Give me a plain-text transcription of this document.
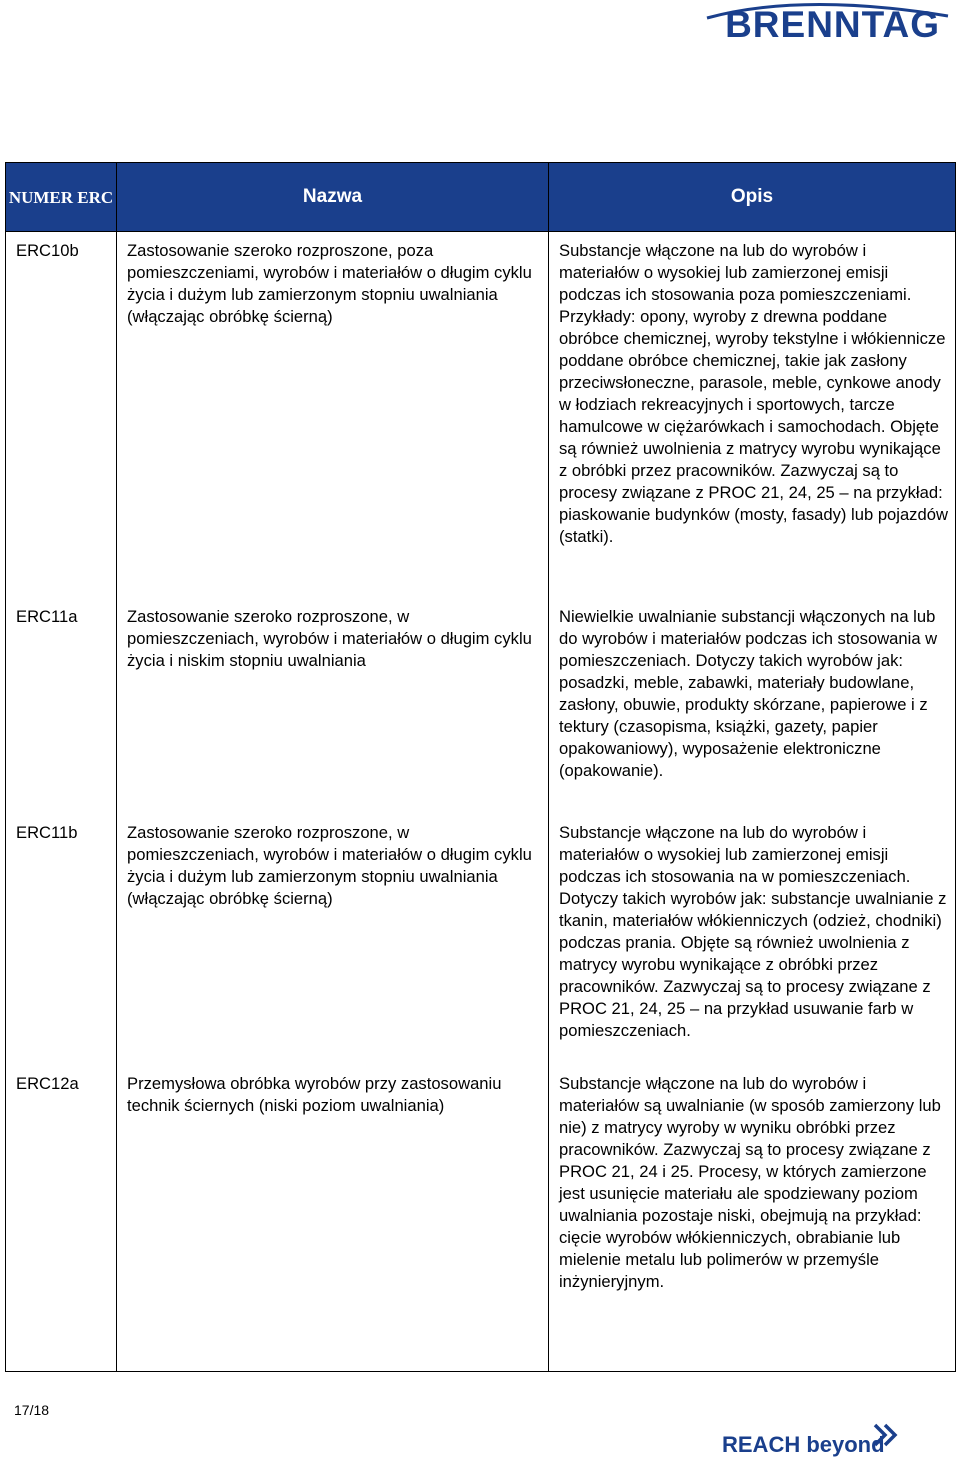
BRENNTAG
NUMER ERC	Nazwa	Opis
ERC10b	Zastosowanie szeroko rozproszone, poza pomieszczeniami, wyrobów i materiałów o długim cyklu życia i dużym lub zamierzonym stopniu uwalniania (włączając obróbkę ścierną)	Substancje włączone na lub do wyrobów i materiałów o wysokiej lub zamierzonej emisji podczas ich stosowania poza pomieszczeniami. Przykłady: opony, wyroby z drewna poddane obróbce chemicznej, wyroby tekstylne i włókiennicze poddane obróbce chemicznej, takie jak zasłony przeciwsłoneczne, parasole, meble, cynkowe anody w łodziach rekreacyjnych i sportowych, tarcze hamulcowe w ciężarówkach i samochodach. Objęte są również uwolnienia z matrycy wyrobu wynikające z obróbki przez pracowników. Zazwyczaj są to procesy związane z PROC 21, 24, 25 – na przykład: piaskowanie budynków (mosty, fasady) lub pojazdów (statki).
ERC11a	Zastosowanie szeroko rozproszone, w pomieszczeniach, wyrobów i materiałów o długim cyklu życia i niskim stopniu uwalniania	Niewielkie uwalnianie substancji włączonych na lub do wyrobów i materiałów podczas ich stosowania w pomieszczeniach. Dotyczy takich wyrobów jak: posadzki, meble, zabawki, materiały budowlane, zasłony, obuwie, produkty skórzane, papierowe i z tektury (czasopisma, książki, gazety, papier opakowaniowy), wyposażenie elektroniczne (opakowanie).
ERC11b	Zastosowanie szeroko rozproszone, w pomieszczeniach, wyrobów i materiałów o długim cyklu życia i dużym lub zamierzonym stopniu uwalniania (włączając obróbkę ścierną)	Substancje włączone na lub do wyrobów i materiałów o wysokiej lub zamierzonej emisji podczas ich stosowania na w pomieszczeniach. Dotyczy takich wyrobów jak: substancje uwalnianie z tkanin, materiałów włókienniczych (odzież, chodniki) podczas prania. Objęte są również uwolnienia z matrycy wyrobu wynikające z obróbki przez pracowników. Zazwyczaj są to procesy związane z PROC 21, 24, 25 – na przykład usuwanie farb w pomieszczeniach.
ERC12a	Przemysłowa obróbka wyrobów przy zastosowaniu technik ściernych (niski poziom uwalniania)	Substancje włączone na lub do wyrobów i materiałów są uwalnianie (w sposób zamierzony lub nie) z matrycy wyroby w wyniku obróbki przez pracowników. Zazwyczaj są to procesy związane z PROC 21, 24 i 25. Procesy, w których zamierzone jest usunięcie materiału ale spodziewany poziom uwalniania pozostaje niski, obejmują na przykład: cięcie wyrobów włókienniczych, obrabianie lub mielenie metalu lub polimerów w przemyśle inżynieryjnym.
17/18
REACH beyond
